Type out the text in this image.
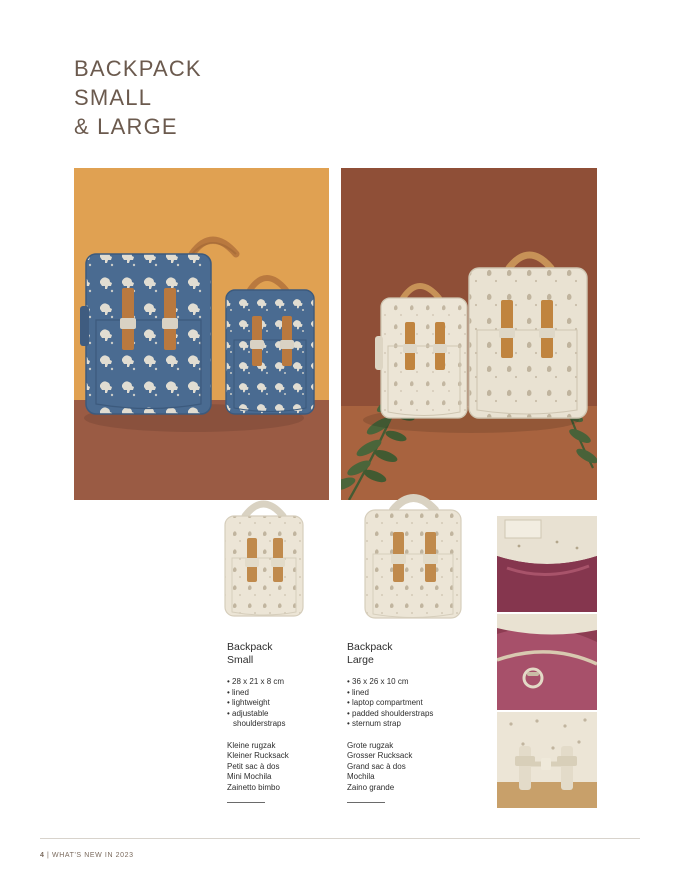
BACKPACK
SMALL
& LARGE
Backpack
Small
• 28 x 21 x 8 cm
• lined
• lightweight
• adjustable
shoulderstraps
Kleine rugzak
Kleiner Rucksack
Petit sac à dos
Mini Mochila
Zainetto bimbo
Backpack
Large
• 36 x 26 x 10 cm
• lined
• laptop compartment
• padded shoulderstraps
• sternum strap
Grote rugzak
Grosser Rucksack
Grand sac à dos
Mochila
Zaino grande
4 | WHAT'S NEW IN 2023
